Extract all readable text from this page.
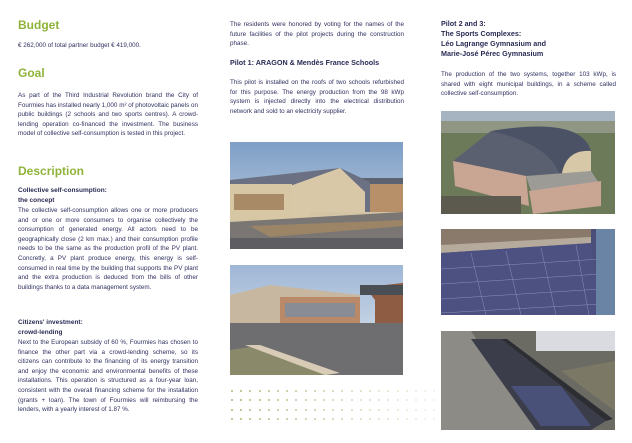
Budget

€ 262,000 of total partner budget € 419,000.

Goal

As part of the Third Industrial Revolution brand the City of Fourmies has installed nearly 1,000 m² of photovoltaic panels on public buildings (2 schools and two sports centres). A crowd-lending operation co-financed the investment. The business model of collective self-consumption is tested in this project.

Description
Collective self-consumption:
the concept

The collective self-consumption allows one or more producers and or one or more consumers to organise collectively the consumption of generated energy. All actors need to be geographically close (2 km max.) and their consumption profile needs to be the same as the production profil of the PV plant. Concretly, a PV plant produce energy, this energy is self-consumed in real time by the building that supports the PV plant and the extra production is deduced from the bills of other buildings thanks to a data management system.

Citizens' investment:
crowd-lending

Next to the European subsidy of 60 %, Fourmies has chosen to finance the other part via a crowd-lending scheme, so its citizens can contribute to the financing of its energy transition and enjoy the economic and environmental benefits of these installations. This operation is structured as a four-year loan, consistent with the overall financing scheme for the installation (grants + loan). The town of Fourmies will reimbursing the lenders, with a yearly interest of 1.87 %.

The residents were honored by voting for the names of the future facilities of the pilot projects during the construction phase.

Pilot 1: ARAGON & Mendès France Schools

This pilot is installed on the roofs of two schools refurbished for this purpose. The energy production from the 98 kWp system is injected directly into the electrical distribution network and sold to an electricity supplier.

Pilot 2 and 3:
The Sports Complexes:
Léo Lagrange Gymnasium and
Marie-José Pérec Gymnasium

The production of the two systems, together 103 kWp, is shared with eight municipal buildings, in a scheme called collective self-consumption.
